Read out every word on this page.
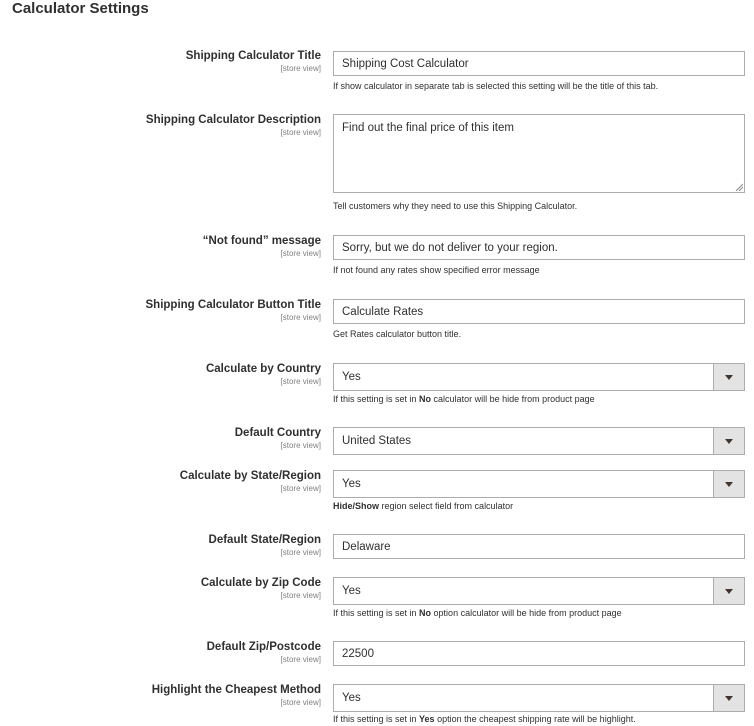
Calculator Settings
Shipping Calculator Title
[store view]
Shipping Cost Calculator
If show calculator in separate tab is selected this setting will be the title of this tab.
Shipping Calculator Description
[store view]
Find out the final price of this item
Tell customers why they need to use this Shipping Calculator.
“Not found” message
[store view]
Sorry, but we do not deliver to your region.
If not found any rates show specified error message
Shipping Calculator Button Title
[store view]
Calculate Rates
Get Rates calculator button title.
Calculate by Country
[store view] Yes
If this setting is set in No calculator will be hide from product page
Default Country
[store view] United States
Calculate by State/Region
[store view] Yes
Hide/Show region select field from calculator
Default State/Region
[store view]
Delaware
Calculate by Zip Code
[store view] Yes
If this setting is set in No option calculator will be hide from product page
Default Zip/Postcode
[store view]
22500
Highlight the Cheapest Method
[store view] Yes
If this setting is set in Yes option the cheapest shipping rate will be highlight.
